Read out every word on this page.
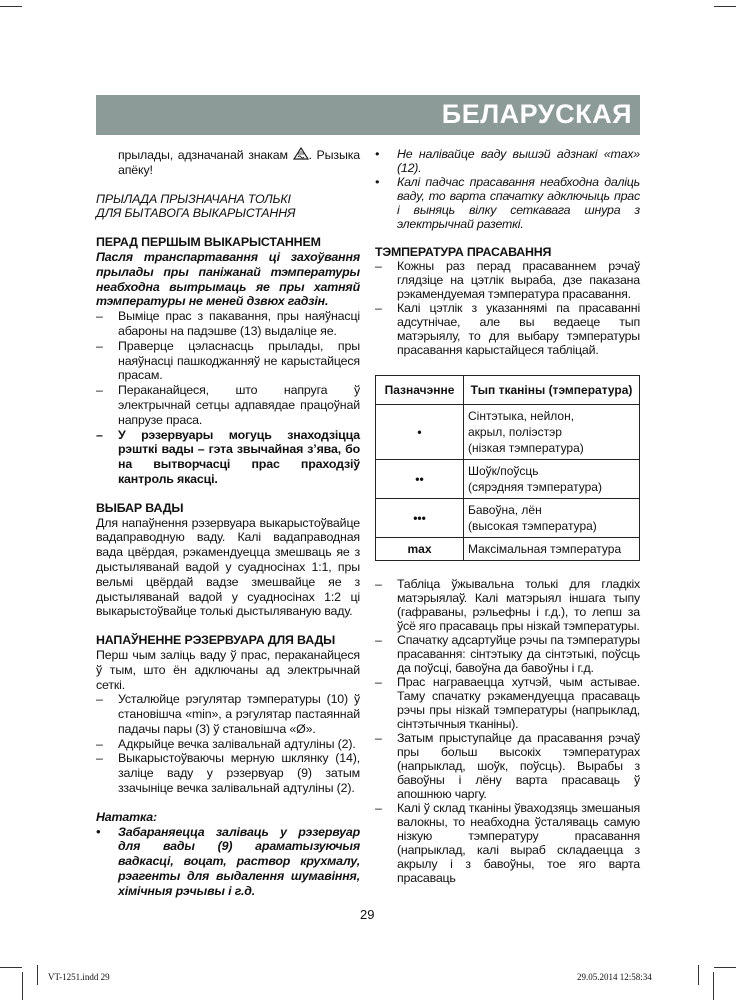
БЕЛАРУСКАЯ

прылады, адзначанай знакам . Рызыка апёку!

ПРЫЛАДА ПРЫЗНАЧАНА ТОЛЬКІ

ДЛЯ БЫТАВОГА ВЫКАРЫСТАННЯ

ПЕРАД ПЕРШЫМ ВЫКАРЫСТАННЕМ

Пасля транспартавання ці захоўвання прылады пры паніжанай тэмпературы неабходна вытрымаць яе пры хатняй тэмпературы не меней дзвюх гадзін.

– Выміце прас з пакавання, пры наяўнасці абароны на падэшве (13) выдаліце яе.
– Праверце цэласнасць прылады, пры наяўнасці пашкоджанняў не карыстайцеся прасам.
– Пераканайцеся, што напруга ў электрычнай сетцы адпавядае працоўнай напрузе праса.
– У рэзервуары могуць знаходзіцца рэшткі вады – гэта звычайная з’ява, бо на вытворчасці прас праходзіў кантроль якасці.

ВЫБАР ВАДЫ

Для напаўнення рэзервуара выкарыстоўвайце вадаправодную ваду. Калі вадаправодная вада цвёрдая, рэкамендуецца змешваць яе з дыстыляванай вадой у суадносінах 1:1, пры вельмі цвёрдай вадзе змешвайце яе з дыстыляванай вадой у суадносінах 1:2 ці выкарыстоўвайце толькі дыстыляваную ваду.

НАПАЎНЕННЕ РЭЗЕРВУАРА ДЛЯ ВАДЫ

Перш чым заліць ваду ў прас, пераканайцеся ў тым, што ён адключаны ад электрычнай сеткі.

– Усталюйце рэгулятар тэмпературы (10) ў становішча «min», а рэгулятар пастаяннай падачы пары (3) ў становішча «Ø».
– Адкрыйце вечка залівальнай адтуліны (2).
– Выкарыстоўваючы мерную шклянку (14), заліце ваду у рэзервуар (9) затым ззачыніце вечка залівальнай адтуліны (2).

Нататка:

• Забараняецца заліваць у рэзервуар для вады (9) араматызуючыя вадкасці, воцат, раствор крухмалу, рэагенты для выдалення шумавіння, хімічныя рэчывы і г.д.
• Не налівайце ваду вышэй адзнакі «max» (12).
• Калі падчас прасавання неабходна даліць ваду, то варта спачатку адключыць прас і выняць вілку сеткавага шнура з электрычнай разеткі.

ТЭМПЕРАТУРА ПРАСАВАННЯ

– Кожны раз перад прасаваннем рэчаў глядзіце на цэтлік выраба, дзе паказана рэкамендуемая тэмпература прасавання.
– Калі цэтлік з указаннямі па прасаванні адсутнічае, але вы ведаеце тып матэрыялу, то для выбару тэмпературы прасавання карыстайцеся табліцай.
Пазначэнне	Тып тканіны (тэмпература)
•	Сінтэтыка, нейлон,
акрыл, поліэстэр
(нізкая тэмпература)

••	Шоўк/поўсць
(сярэдняя тэмпература)

•••	Бавоўна, лён
(высокая тэмпература)

max	Максімальная тэмпература
– Табліца ўжывальна толькі для гладкіх матэрыялаў. Калі матэрыял іншага тыпу (гафраваны, рэльефны і г.д.), то лепш за ўсё яго прасаваць пры нізкай тэмпературы.
– Спачатку адсартуйце рэчы па тэмпературы прасавання: сінтэтыку да сінтэтыкі, поўсць да поўсці, бавоўна да бавоўны і г.д.
– Прас награваецца хутчэй, чым астывае. Таму спачатку рэкамендуецца прасаваць рэчы пры нізкай тэмпературы (напрыклад, сінтэтычныя тканіны).
– Затым прыступайце да прасавання рэчаў пры больш высокіх тэмпературах (напрыклад, шоўк, поўсць). Вырабы з бавоўны і лёну варта прасаваць ў апошнюю чаргу.
– Калі ў склад тканіны ўваходзяць змешаныя валокны, то неабходна ўсталяваць самую нізкую тэмпературу прасавання (напрыклад, калі выраб складаецца з акрылу і з бавоўны, тое яго варта прасаваць
29
VT-1251.indd 29	29.05.2014 12:58:34
